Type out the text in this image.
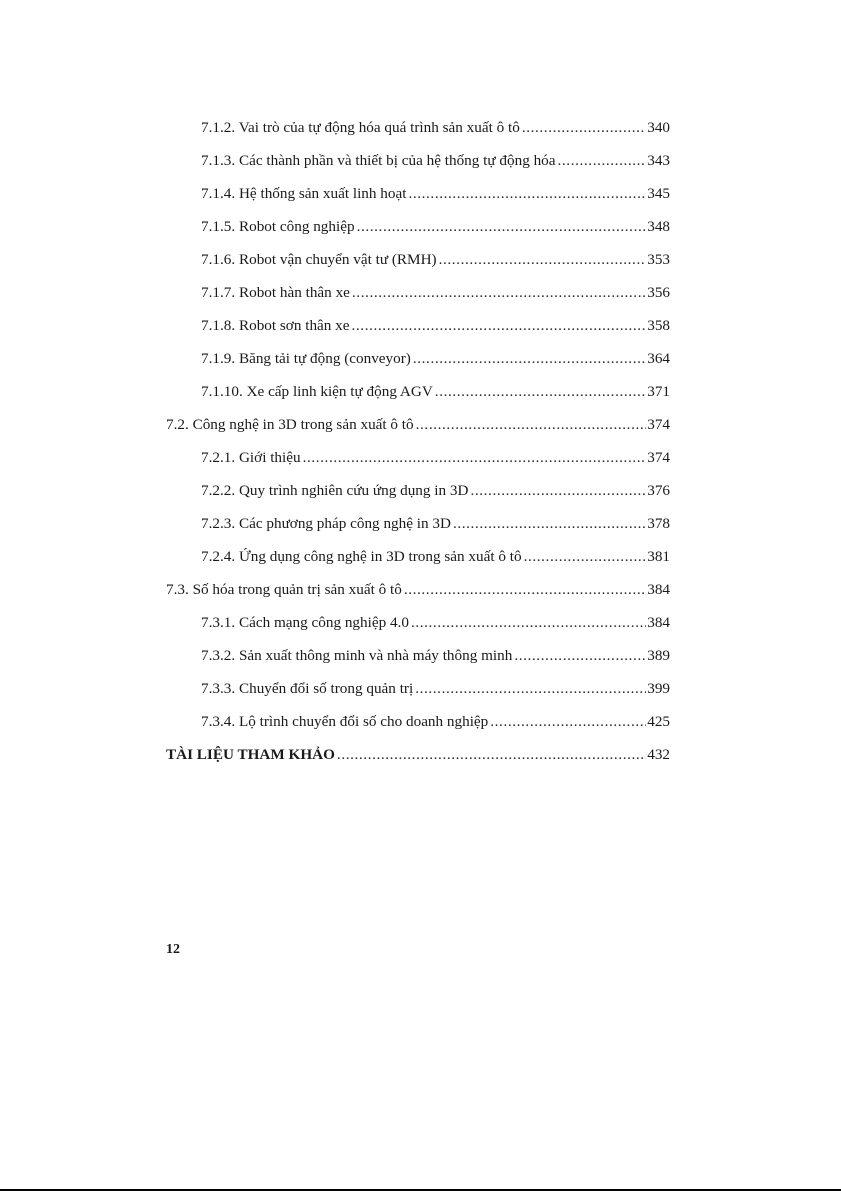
7.1.2. Vai trò của tự động hóa quá trình sản xuất ô tô .....	340
7.1.3. Các thành phần và thiết bị của hệ thống tự động hóa .....	343
7.1.4. Hệ thống sản xuất linh hoạt .....	345
7.1.5. Robot công nghiệp .....	348
7.1.6. Robot vận chuyển vật tư (RMH) .....	353
7.1.7. Robot hàn thân xe .....	356
7.1.8. Robot sơn thân xe .....	358
7.1.9. Băng tải tự động (conveyor) .....	364
7.1.10. Xe cấp linh kiện tự động AGV .....	371
7.2. Công nghệ in 3D trong sản xuất ô tô .....	374
7.2.1. Giới thiệu .....	374
7.2.2. Quy trình nghiên cứu ứng dụng in 3D .....	376
7.2.3. Các phương pháp công nghệ in 3D .....	378
7.2.4. Ứng dụng công nghệ in 3D trong sản xuất ô tô .....	381
7.3. Số hóa trong quản trị sản xuất ô tô .....	384
7.3.1. Cách mạng công nghiệp 4.0 .....	384
7.3.2. Sản xuất thông minh và nhà máy thông minh .....	389
7.3.3. Chuyển đổi số trong quản trị .....	399
7.3.4. Lộ trình chuyển đổi số cho doanh nghiệp .....	425
TÀI LIỆU THAM KHẢO .....	432
12
